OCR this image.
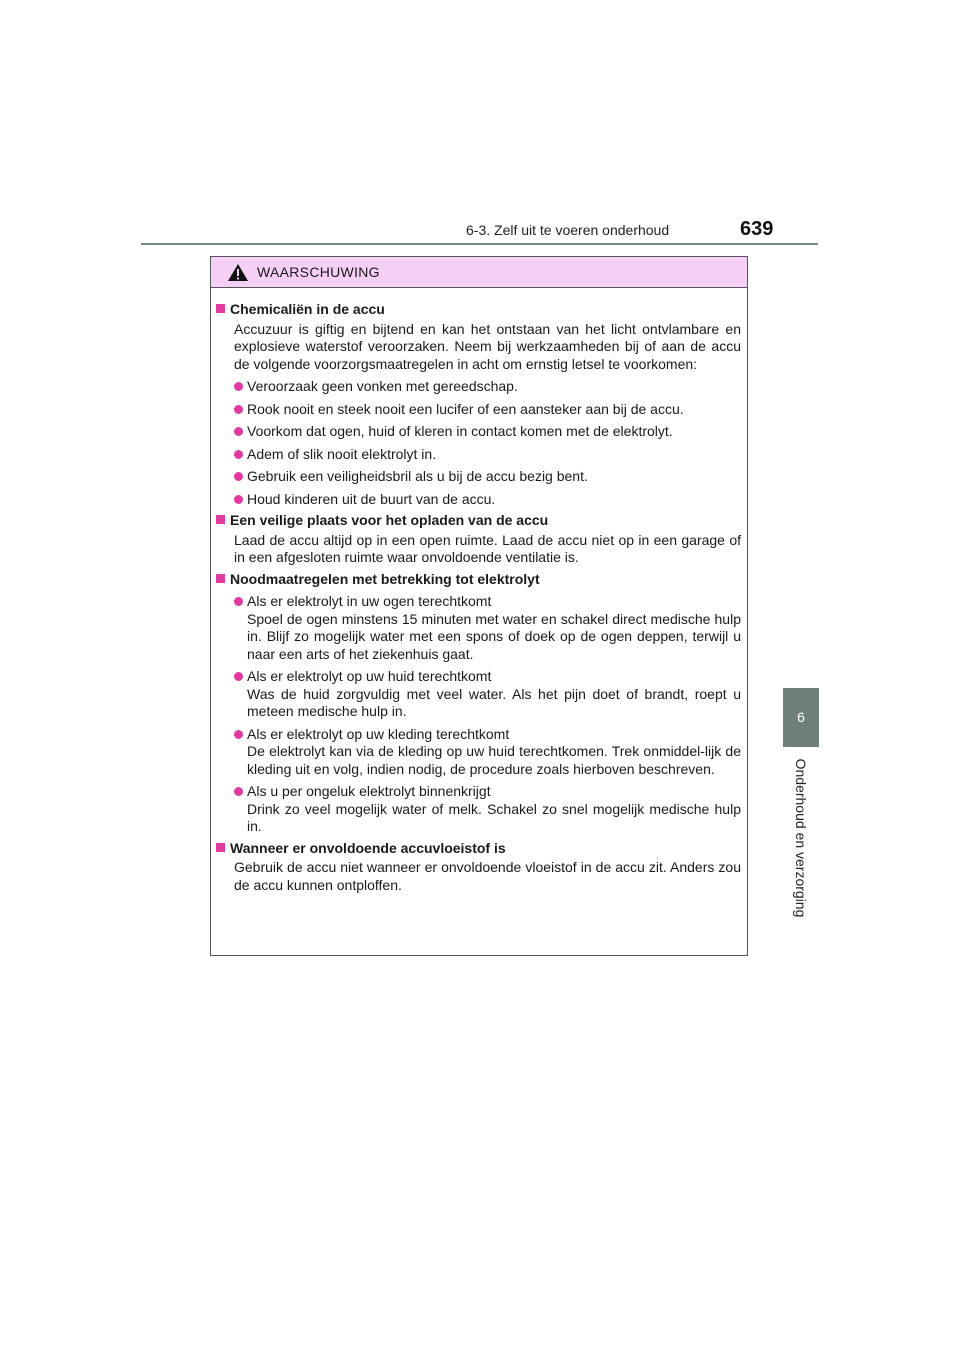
6-3. Zelf uit te voeren onderhoud	639
6
Onderhoud en verzorging
WAARSCHUWING
Chemicaliën in de accu
Accuzuur is giftig en bijtend en kan het ontstaan van het licht ontvlambare en explosieve waterstof veroorzaken. Neem bij werkzaamheden bij of aan de accu de volgende voorzorgsmaatregelen in acht om ernstig letsel te voorkomen:
Veroorzaak geen vonken met gereedschap.
Rook nooit en steek nooit een lucifer of een aansteker aan bij de accu.
Voorkom dat ogen, huid of kleren in contact komen met de elektrolyt.
Adem of slik nooit elektrolyt in.
Gebruik een veiligheidsbril als u bij de accu bezig bent.
Houd kinderen uit de buurt van de accu.
Een veilige plaats voor het opladen van de accu
Laad de accu altijd op in een open ruimte. Laad de accu niet op in een garage of in een afgesloten ruimte waar onvoldoende ventilatie is.
Noodmaatregelen met betrekking tot elektrolyt
Als er elektrolyt in uw ogen terechtkomt
Spoel de ogen minstens 15 minuten met water en schakel direct medische hulp in. Blijf zo mogelijk water met een spons of doek op de ogen deppen, terwijl u naar een arts of het ziekenhuis gaat.
Als er elektrolyt op uw huid terechtkomt
Was de huid zorgvuldig met veel water. Als het pijn doet of brandt, roept u meteen medische hulp in.
Als er elektrolyt op uw kleding terechtkomt
De elektrolyt kan via de kleding op uw huid terechtkomen. Trek onmiddel-lijk de kleding uit en volg, indien nodig, de procedure zoals hierboven beschreven.
Als u per ongeluk elektrolyt binnenkrijgt
Drink zo veel mogelijk water of melk. Schakel zo snel mogelijk medische hulp in.
Wanneer er onvoldoende accuvloeistof is
Gebruik de accu niet wanneer er onvoldoende vloeistof in de accu zit. Anders zou de accu kunnen ontploffen.
